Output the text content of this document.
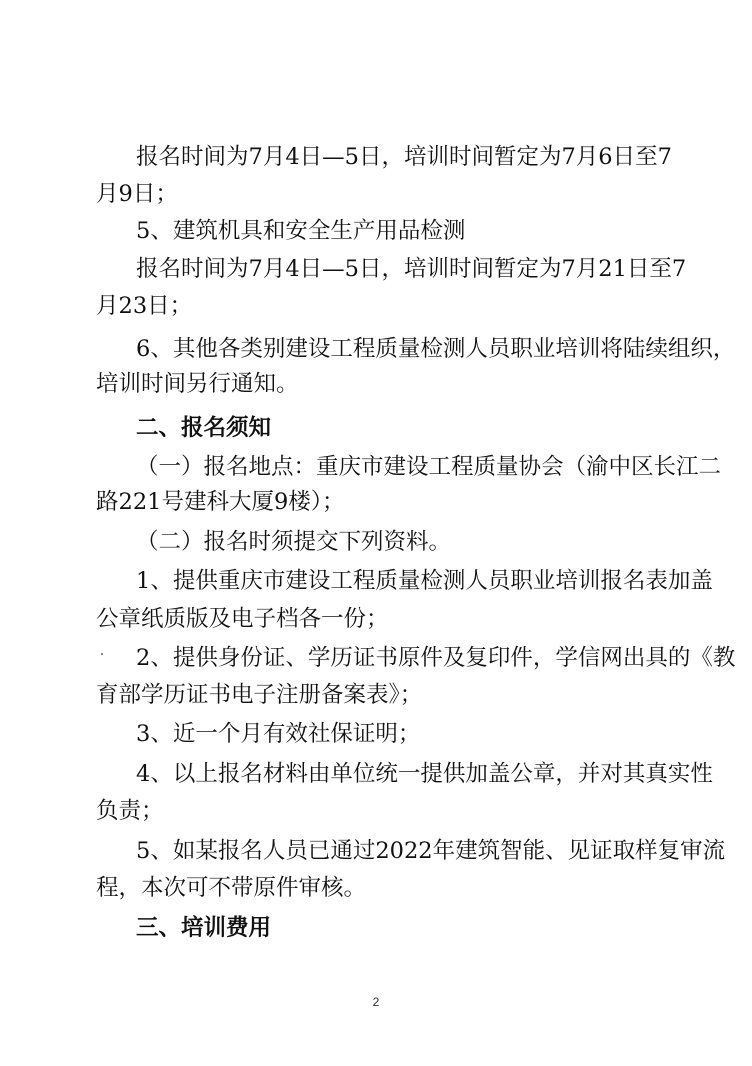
报名时间为7月4日—5日，培训时间暂定为7月6日至7
月9日；
5、建筑机具和安全生产用品检测
报名时间为7月4日—5日，培训时间暂定为7月21日至7
月23日；
6、其他各类别建设工程质量检测人员职业培训将陆续组织，
培训时间另行通知。
二、报名须知
（一）报名地点：重庆市建设工程质量协会（渝中区长江二
路221号建科大厦9楼）；
（二）报名时须提交下列资料。
1、提供重庆市建设工程质量检测人员职业培训报名表加盖
公章纸质版及电子档各一份；
2、提供身份证、学历证书原件及复印件，学信网出具的《教
育部学历证书电子注册备案表》；
3、近一个月有效社保证明；
4、以上报名材料由单位统一提供加盖公章，并对其真实性
负责；
5、如某报名人员已通过2022年建筑智能、见证取样复审流
程，本次可不带原件审核。
三、培训费用
2
